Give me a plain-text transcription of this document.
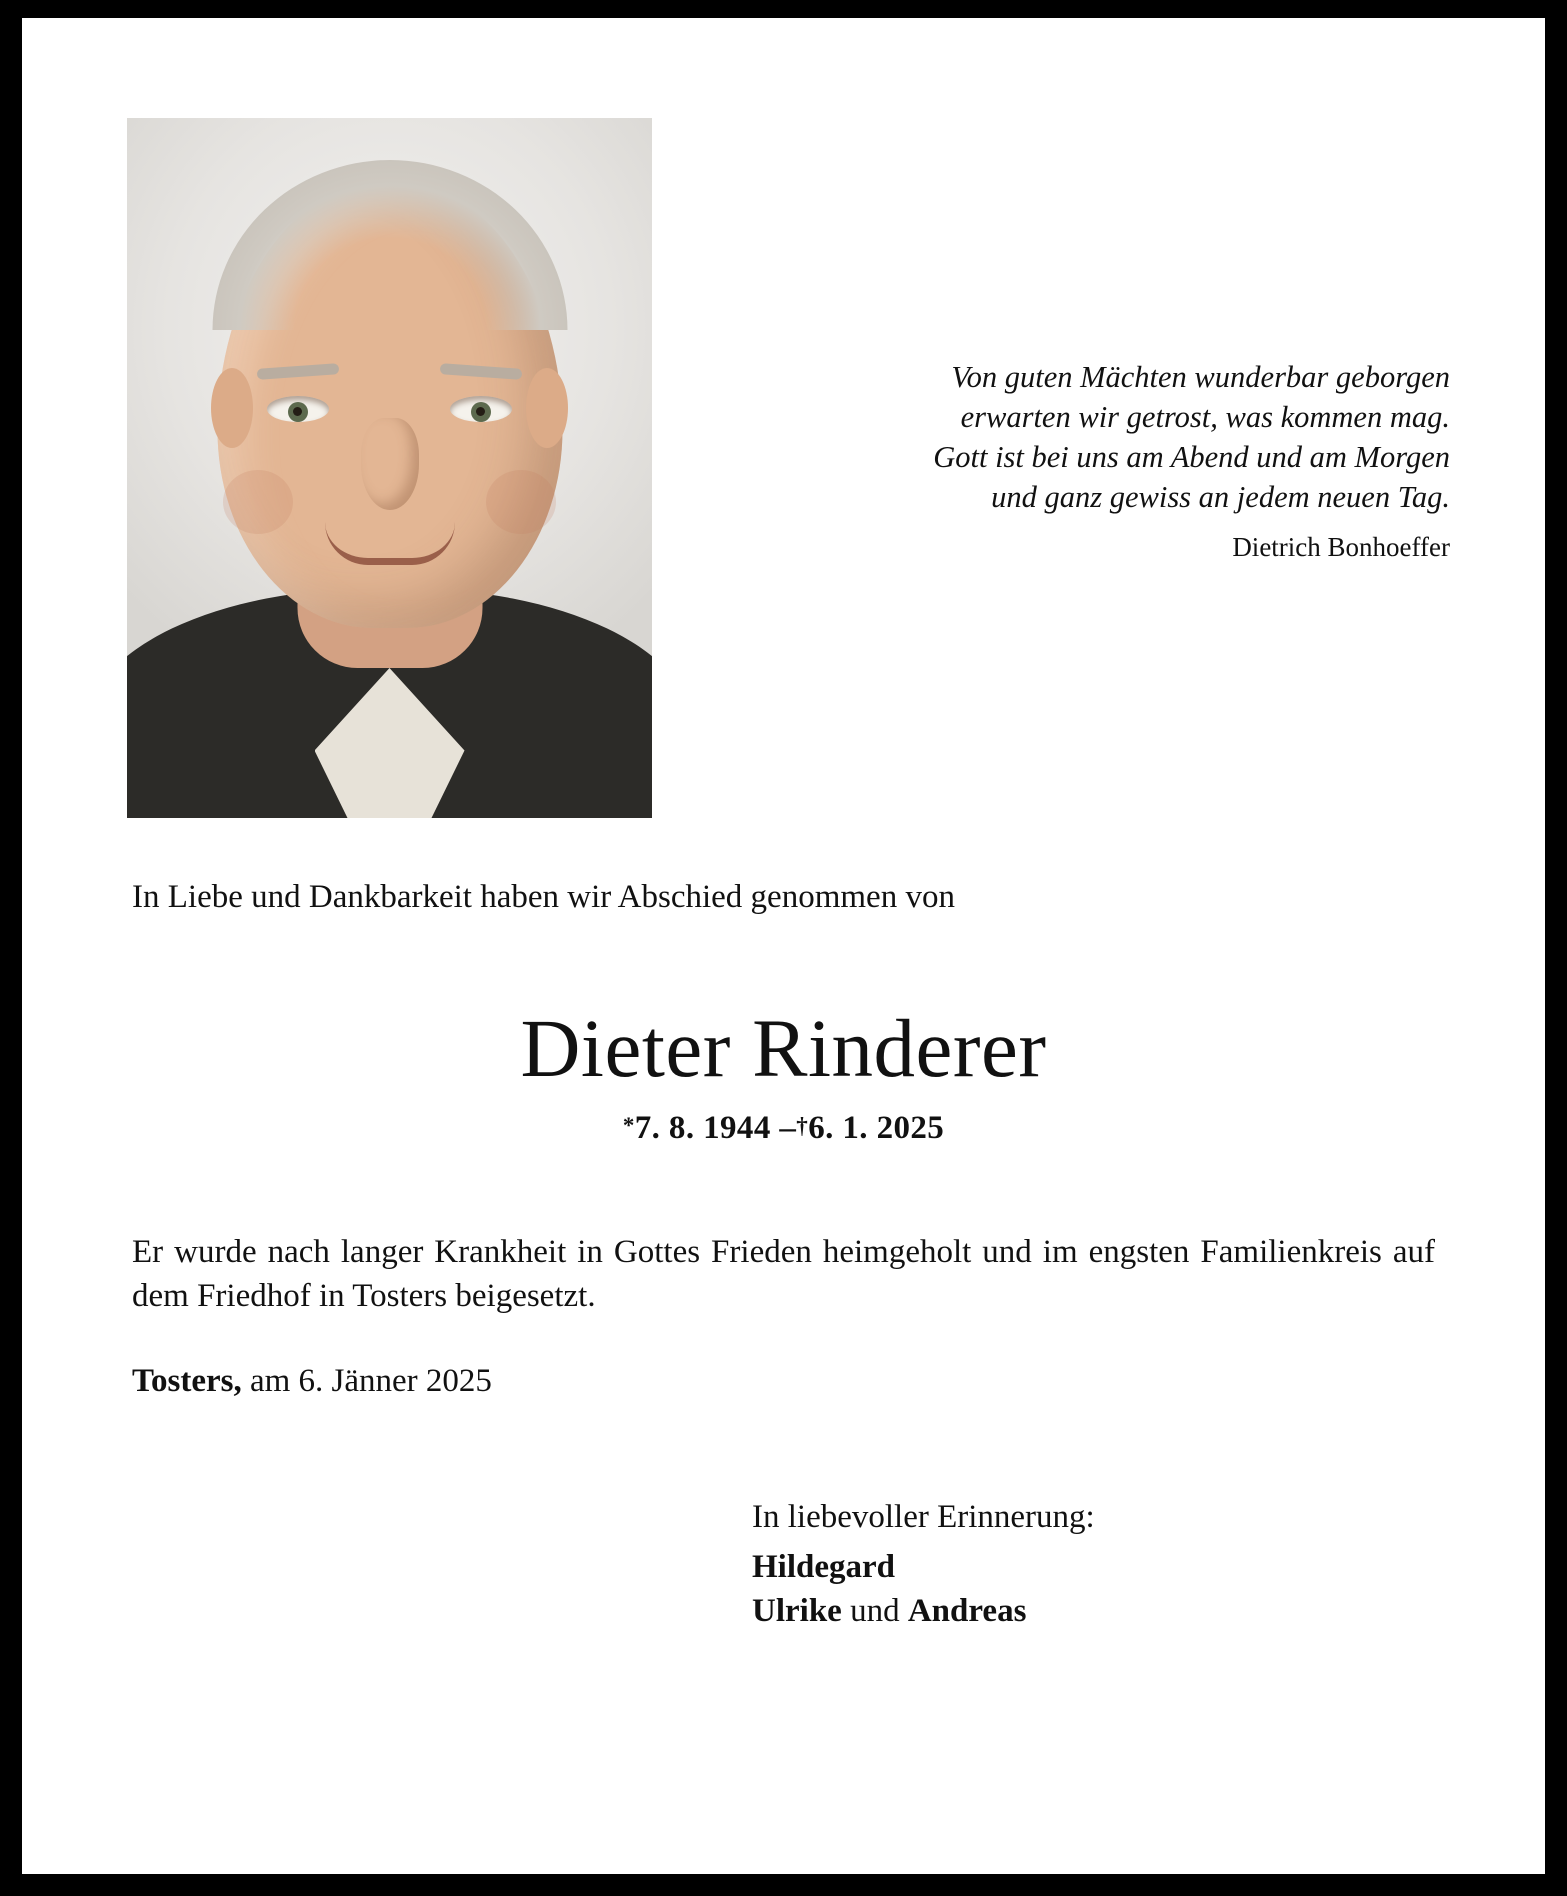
Von guten Mächten wunderbar geborgen
erwarten wir getrost, was kommen mag.
Gott ist bei uns am Abend und am Morgen
und ganz gewiss an jedem neuen Tag.
Dietrich Bonhoeffer
In Liebe und Dankbarkeit haben wir Abschied genommen von
Dieter Rinderer
*7. 8. 1944 –†6. 1. 2025
Er wurde nach langer Krankheit in Gottes Frieden heimgeholt und im engsten Familienkreis auf dem Friedhof in Tosters beigesetzt.
Tosters, am 6. Jänner 2025
In liebevoller Erinnerung:
Hildegard
Ulrike und Andreas
